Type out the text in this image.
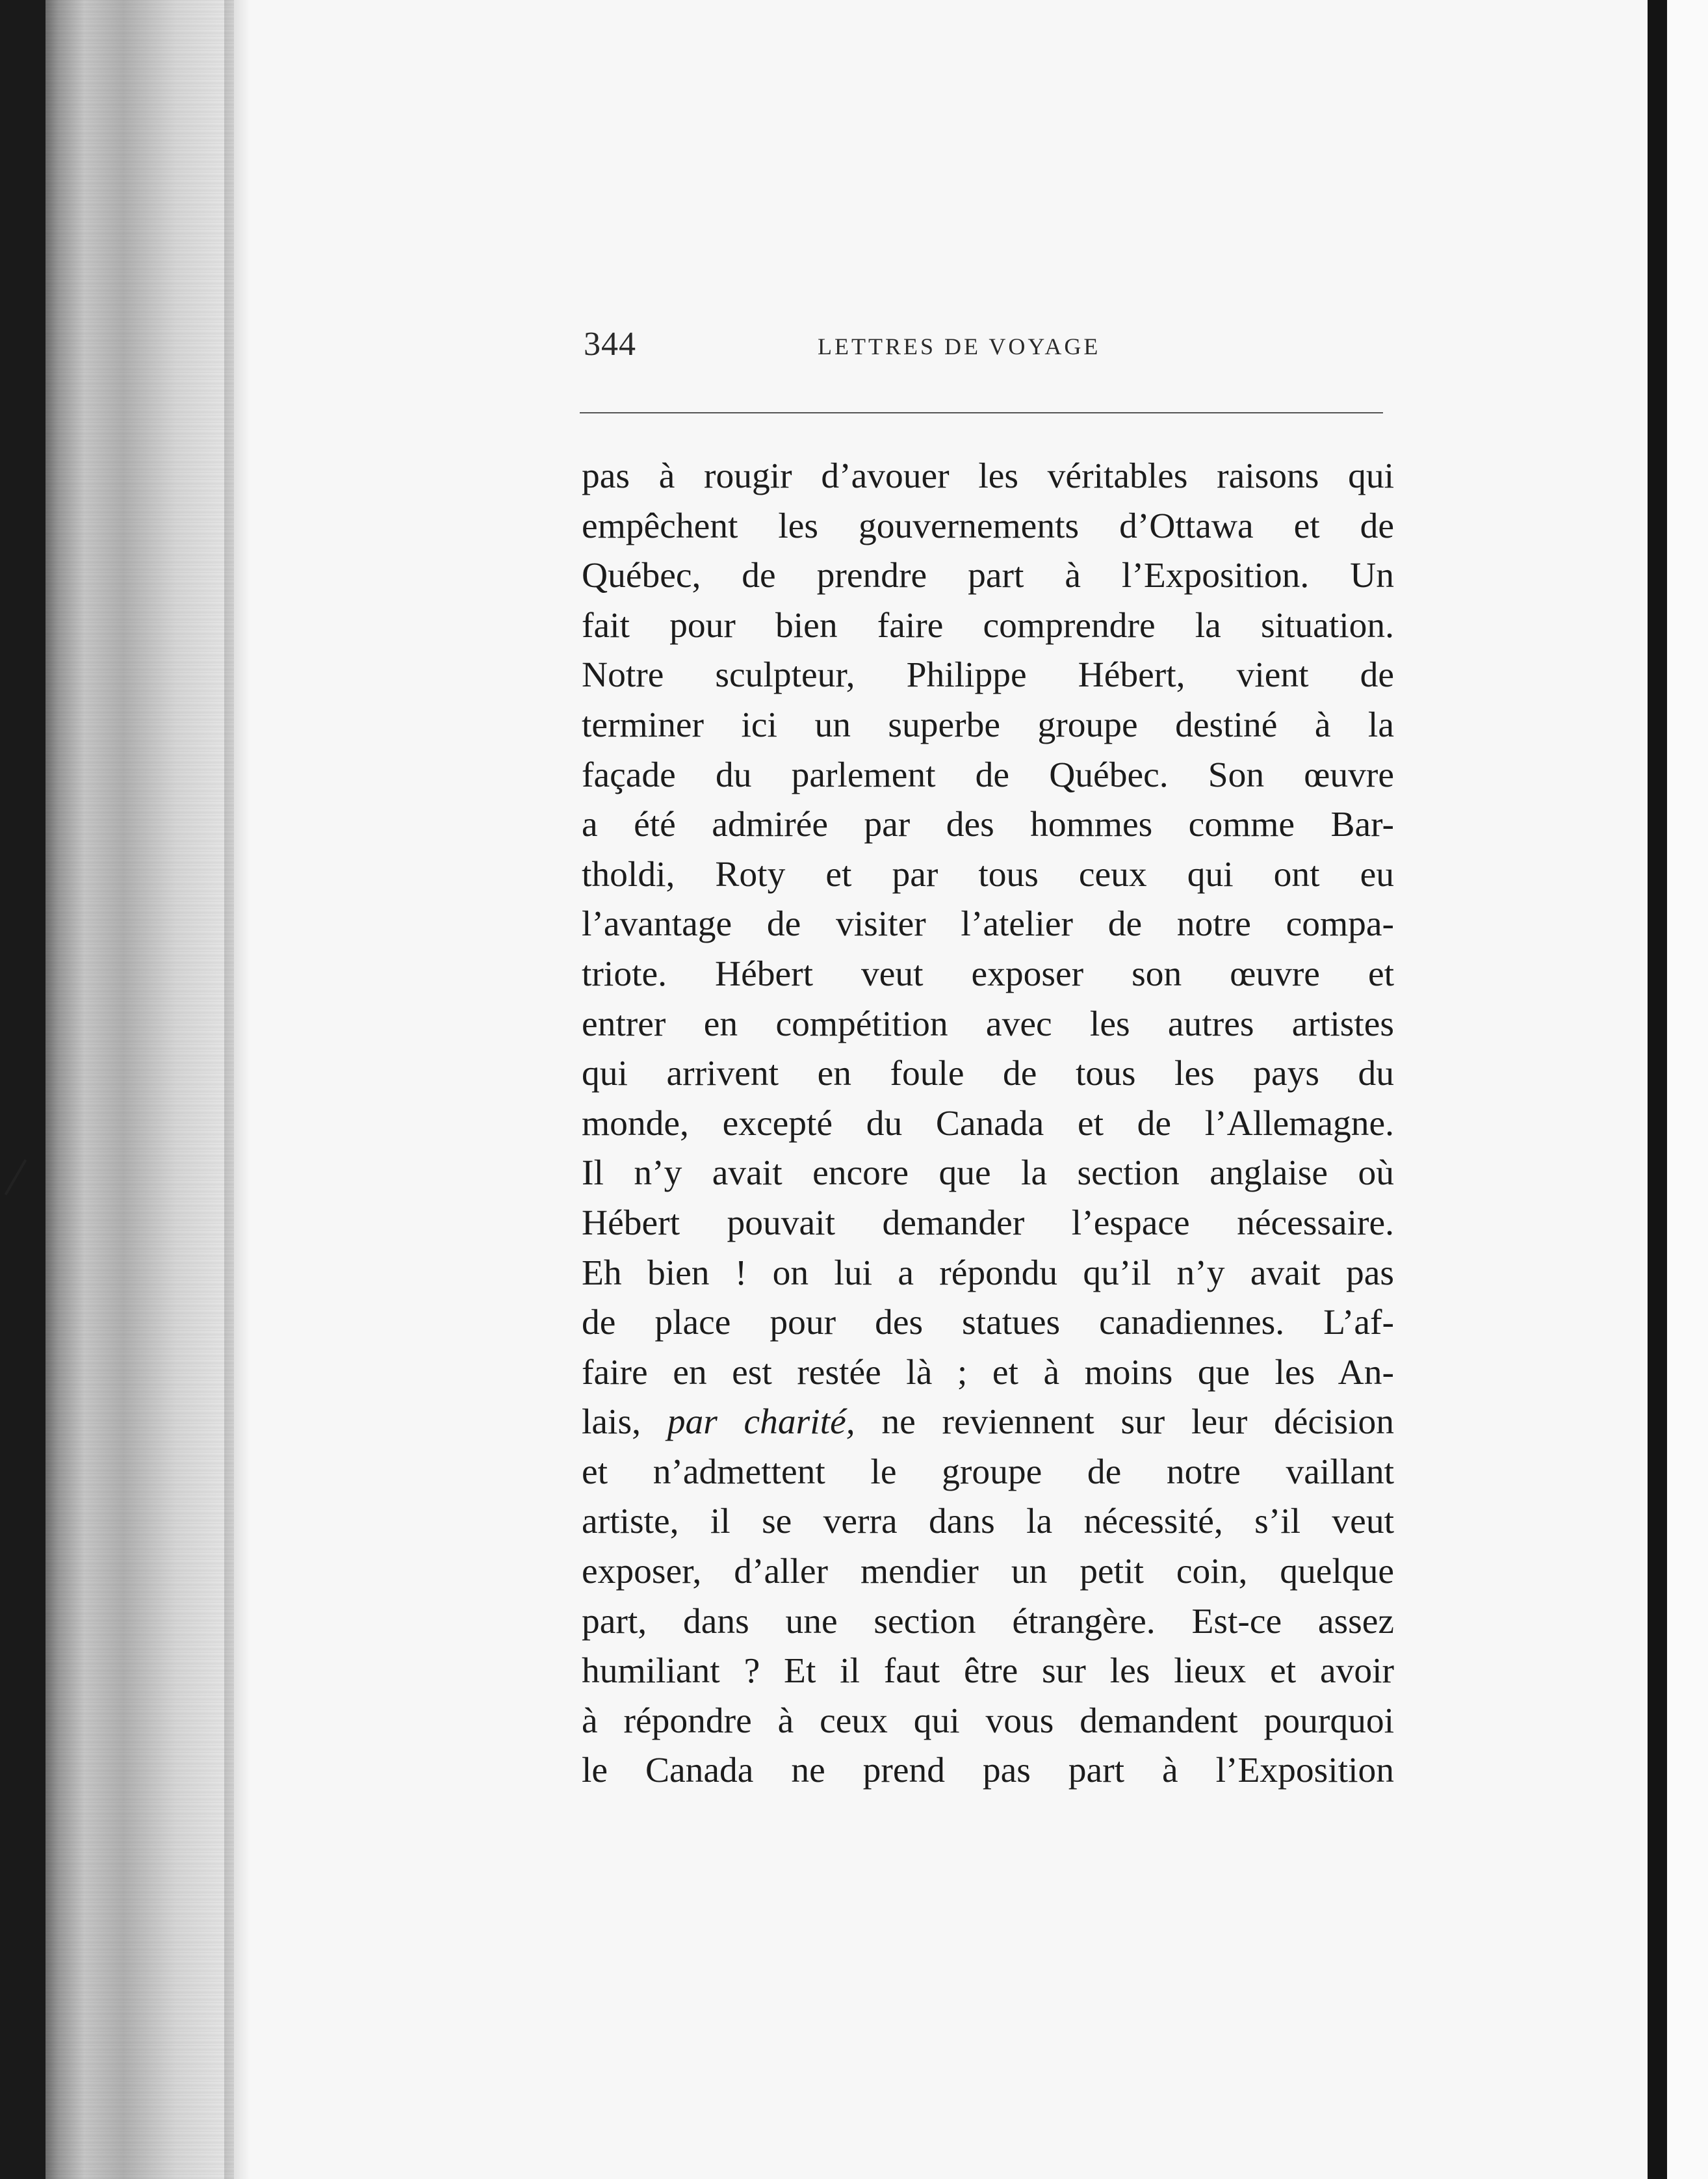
344	LETTRES DE VOYAGE
pas à rougir d’avouer les véritables raisons qui
empêchent les gouvernements d’Ottawa et de
Québec, de prendre part à l’Exposition. Un
fait pour bien faire comprendre la situation.
Notre sculpteur, Philippe Hébert, vient de
terminer ici un superbe groupe destiné à la
façade du parlement de Québec. Son œuvre
a été admirée par des hommes comme Bar-
tholdi, Roty et par tous ceux qui ont eu
l’avantage de visiter l’atelier de notre compa-
triote. Hébert veut exposer son œuvre et
entrer en compétition avec les autres artistes
qui arrivent en foule de tous les pays du
monde, excepté du Canada et de l’Allemagne.
Il n’y avait encore que la section anglaise où
Hébert pouvait demander l’espace nécessaire.
Eh bien ! on lui a répondu qu’il n’y avait pas
de place pour des statues canadiennes. L’af-
faire en est restée là ; et à moins que les An-
lais, par charité, ne reviennent sur leur décision
et n’admettent le groupe de notre vaillant
artiste, il se verra dans la nécessité, s’il veut
exposer, d’aller mendier un petit coin, quelque
part, dans une section étrangère. Est-ce assez
humiliant ? Et il faut être sur les lieux et avoir
à répondre à ceux qui vous demandent pourquoi
le Canada ne prend pas part à l’Exposition
